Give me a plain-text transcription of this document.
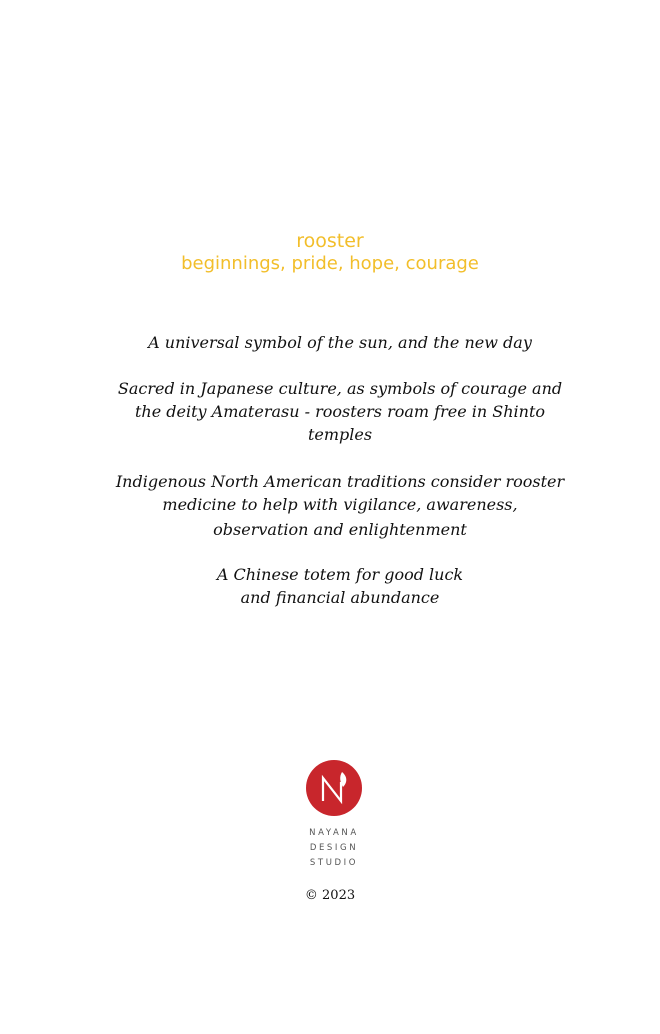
rooster

beginnings, pride, hope, courage

A universal symbol of the sun, and the new day
Sacred in Japanese culture, as symbols of courage and
the deity Amaterasu - roosters roam free in Shinto
temples
Indigenous North American traditions consider rooster
medicine to help with vigilance, awareness,
observation and enlightenment
A Chinese totem for good luck
and financial abundance
NAYANA
DESIGN
STUDIO
© 2023
